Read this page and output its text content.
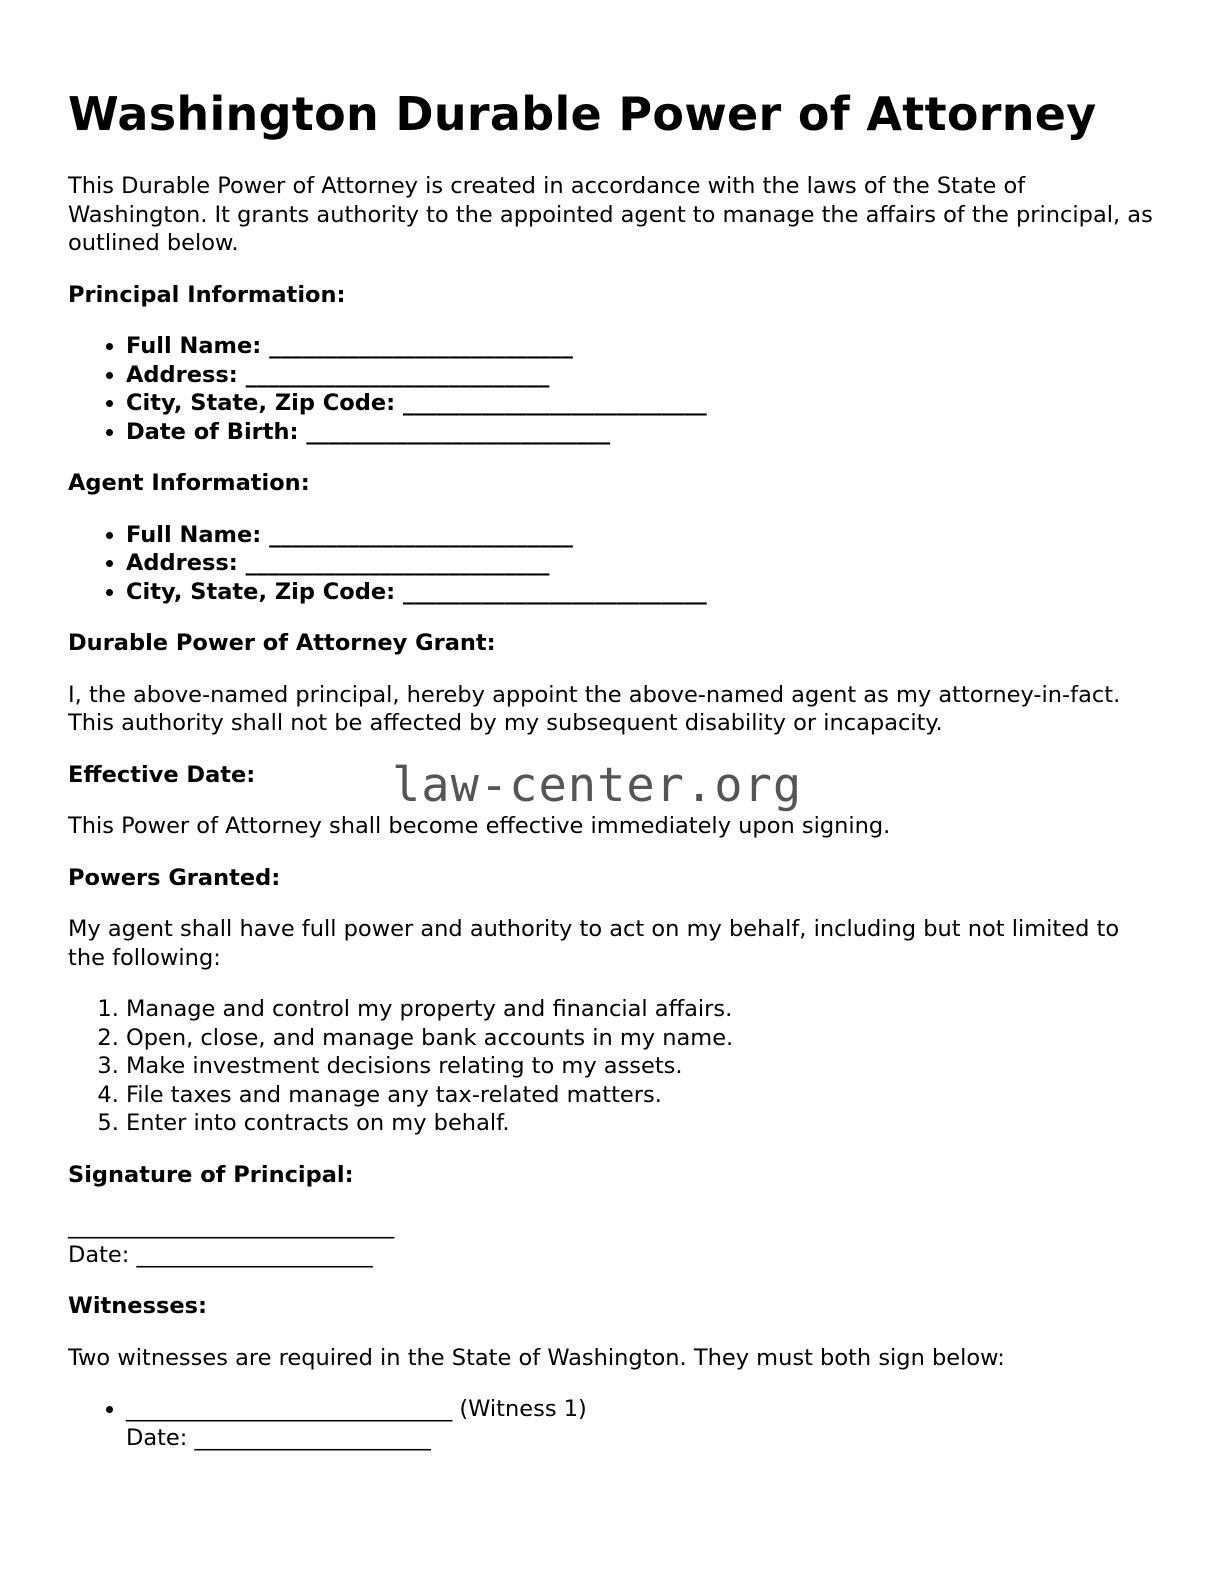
Washington Durable Power of Attorney

This Durable Power of Attorney is created in accordance with the laws of the State of Washington. It grants authority to the appointed agent to manage the affairs of the principal, as outlined below.

Principal Information:
• Full Name: ___________________________
• Address: ___________________________
• City, State, Zip Code: ___________________________
• Date of Birth: ___________________________
Agent Information:
• Full Name: ___________________________
• Address: ___________________________
• City, State, Zip Code: ___________________________
Durable Power of Attorney Grant:

I, the above-named principal, hereby appoint the above-named agent as my attorney-in-fact. This authority shall not be affected by my subsequent disability or incapacity.

Effective Date:

This Power of Attorney shall become effective immediately upon signing.

Powers Granted:

My agent shall have full power and authority to act on my behalf, including but not limited to the following:

1. Manage and control my property and financial affairs.
2. Open, close, and manage bank accounts in my name.
3. Make investment decisions relating to my assets.
4. File taxes and manage any tax-related matters.
5. Enter into contracts on my behalf.
Signature of Principal:
_____________________________
Date: _____________________
Witnesses:

Two witnesses are required in the State of Washington. They must both sign below:

• _____________________________ (Witness 1)
Date: _____________________
law-center.org
